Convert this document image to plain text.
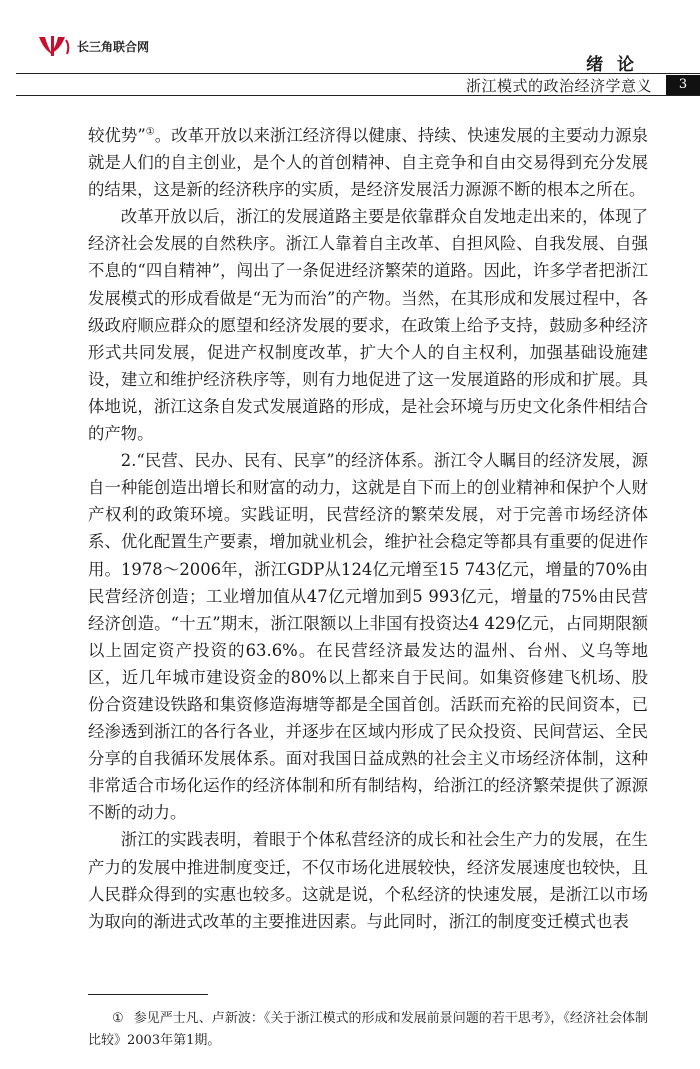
长三角联合网
绪 论
浙江模式的政治经济学意义	3

较优势”①。改革开放以来浙江经济得以健康、持续、快速发展的主要动力源泉就是人们的自主创业，是个人的首创精神、自主竞争和自由交易得到充分发展的结果，这是新的经济秩序的实质，是经济发展活力源源不断的根本之所在。

改革开放以后，浙江的发展道路主要是依靠群众自发地走出来的，体现了经济社会发展的自然秩序。浙江人靠着自主改革、自担风险、自我发展、自强不息的“四自精神”，闯出了一条促进经济繁荣的道路。因此，许多学者把浙江发展模式的形成看做是“无为而治”的产物。当然，在其形成和发展过程中，各级政府顺应群众的愿望和经济发展的要求，在政策上给予支持，鼓励多种经济形式共同发展，促进产权制度改革，扩大个人的自主权利，加强基础设施建设，建立和维护经济秩序等，则有力地促进了这一发展道路的形成和扩展。具体地说，浙江这条自发式发展道路的形成，是社会环境与历史文化条件相结合的产物。

2.“民营、民办、民有、民享”的经济体系。浙江令人瞩目的经济发展，源自一种能创造出增长和财富的动力，这就是自下而上的创业精神和保护个人财产权利的政策环境。实践证明，民营经济的繁荣发展，对于完善市场经济体系、优化配置生产要素，增加就业机会，维护社会稳定等都具有重要的促进作用。1978～2006年，浙江GDP从124亿元增至15 743亿元，增量的70%由民营经济创造；工业增加值从47亿元增加到5 993亿元，增量的75%由民营经济创造。“十五”期末，浙江限额以上非国有投资达4 429亿元，占同期限额以上固定资产投资的63.6%。在民营经济最发达的温州、台州、义乌等地区，近几年城市建设资金的80%以上都来自于民间。如集资修建飞机场、股份合资建设铁路和集资修造海塘等都是全国首创。活跃而充裕的民间资本，已经渗透到浙江的各行各业，并逐步在区域内形成了民众投资、民间营运、全民分享的自我循环发展体系。面对我国日益成熟的社会主义市场经济体制，这种非常适合市场化运作的经济体制和所有制结构，给浙江的经济繁荣提供了源源不断的动力。

浙江的实践表明，着眼于个体私营经济的成长和社会生产力的发展，在生产力的发展中推进制度变迁，不仅市场化进展较快，经济发展速度也较快，且人民群众得到的实惠也较多。这就是说，个私经济的快速发展，是浙江以市场为取向的渐进式改革的主要推进因素。与此同时，浙江的制度变迁模式也表

① 参见严士凡、卢新波：《关于浙江模式的形成和发展前景问题的若干思考》，《经济社会体制比较》2003年第1期。
